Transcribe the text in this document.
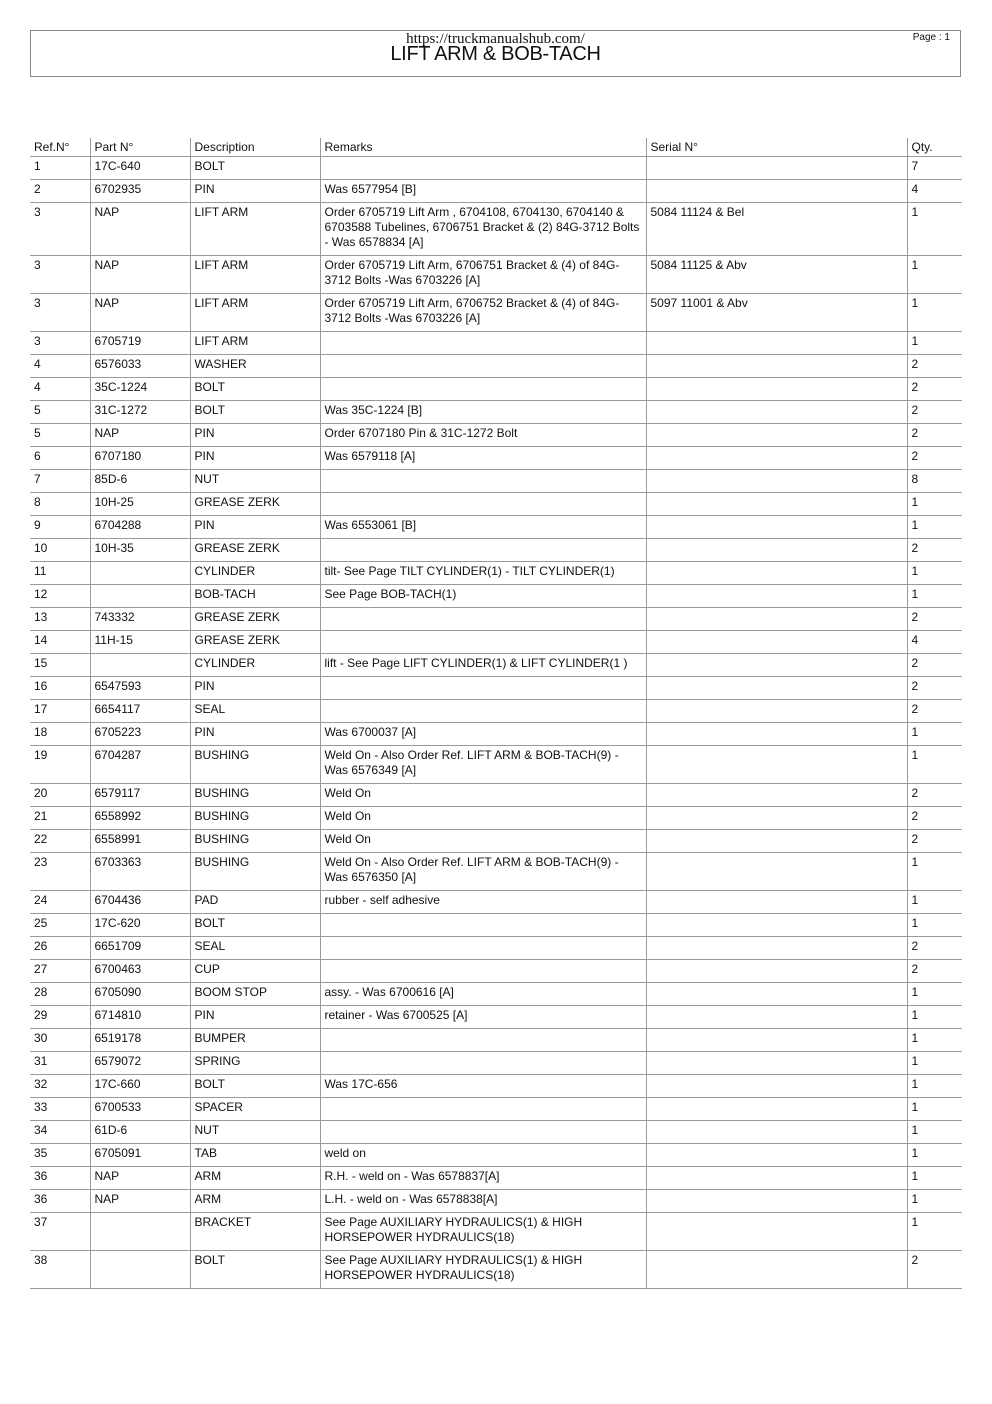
https://truckmanualshub.com/
LIFT ARM & BOB-TACH
Page : 1
Ref.N°	Part N°	Description	Remarks	Serial N°	Qty.
1	17C-640	BOLT			7
2	6702935	PIN	Was 6577954 [B]		4
3	NAP	LIFT ARM	Order 6705719 Lift Arm , 6704108, 6704130, 6704140 & 6703588 Tubelines, 6706751 Bracket & (2) 84G-3712 Bolts - Was 6578834 [A]	5084 11124 & Bel	1
3	NAP	LIFT ARM	Order 6705719 Lift Arm, 6706751 Bracket & (4) of 84G-3712 Bolts -Was 6703226 [A]	5084 11125 & Abv	1
3	NAP	LIFT ARM	Order 6705719 Lift Arm, 6706752 Bracket & (4) of 84G-3712 Bolts -Was 6703226 [A]	5097 11001 & Abv	1
3	6705719	LIFT ARM			1
4	6576033	WASHER			2
4	35C-1224	BOLT			2
5	31C-1272	BOLT	Was 35C-1224 [B]		2
5	NAP	PIN	Order 6707180 Pin & 31C-1272 Bolt		2
6	6707180	PIN	Was 6579118 [A]		2
7	85D-6	NUT			8
8	10H-25	GREASE ZERK			1
9	6704288	PIN	Was 6553061 [B]		1
10	10H-35	GREASE ZERK			2
11		CYLINDER	tilt- See Page TILT CYLINDER(1) - TILT CYLINDER(1)		1
12		BOB-TACH	See Page BOB-TACH(1)		1
13	743332	GREASE ZERK			2
14	11H-15	GREASE ZERK			4
15		CYLINDER	lift - See Page LIFT CYLINDER(1) & LIFT CYLINDER(1 )		2
16	6547593	PIN			2
17	6654117	SEAL			2
18	6705223	PIN	Was 6700037 [A]		1
19	6704287	BUSHING	Weld On - Also Order Ref. LIFT ARM & BOB-TACH(9) - Was 6576349 [A]		1
20	6579117	BUSHING	Weld On		2
21	6558992	BUSHING	Weld On		2
22	6558991	BUSHING	Weld On		2
23	6703363	BUSHING	Weld On - Also Order Ref. LIFT ARM & BOB-TACH(9) - Was 6576350 [A]		1
24	6704436	PAD	rubber - self adhesive		1
25	17C-620	BOLT			1
26	6651709	SEAL			2
27	6700463	CUP			2
28	6705090	BOOM STOP	assy. - Was 6700616 [A]		1
29	6714810	PIN	retainer - Was 6700525 [A]		1
30	6519178	BUMPER			1
31	6579072	SPRING			1
32	17C-660	BOLT	Was 17C-656		1
33	6700533	SPACER			1
34	61D-6	NUT			1
35	6705091	TAB	weld on		1
36	NAP	ARM	R.H. - weld on - Was 6578837[A]		1
36	NAP	ARM	L.H. - weld on - Was 6578838[A]		1
37		BRACKET	See Page AUXILIARY HYDRAULICS(1) & HIGH HORSEPOWER HYDRAULICS(18)		1
38		BOLT	See Page AUXILIARY HYDRAULICS(1) & HIGH HORSEPOWER HYDRAULICS(18)		2
